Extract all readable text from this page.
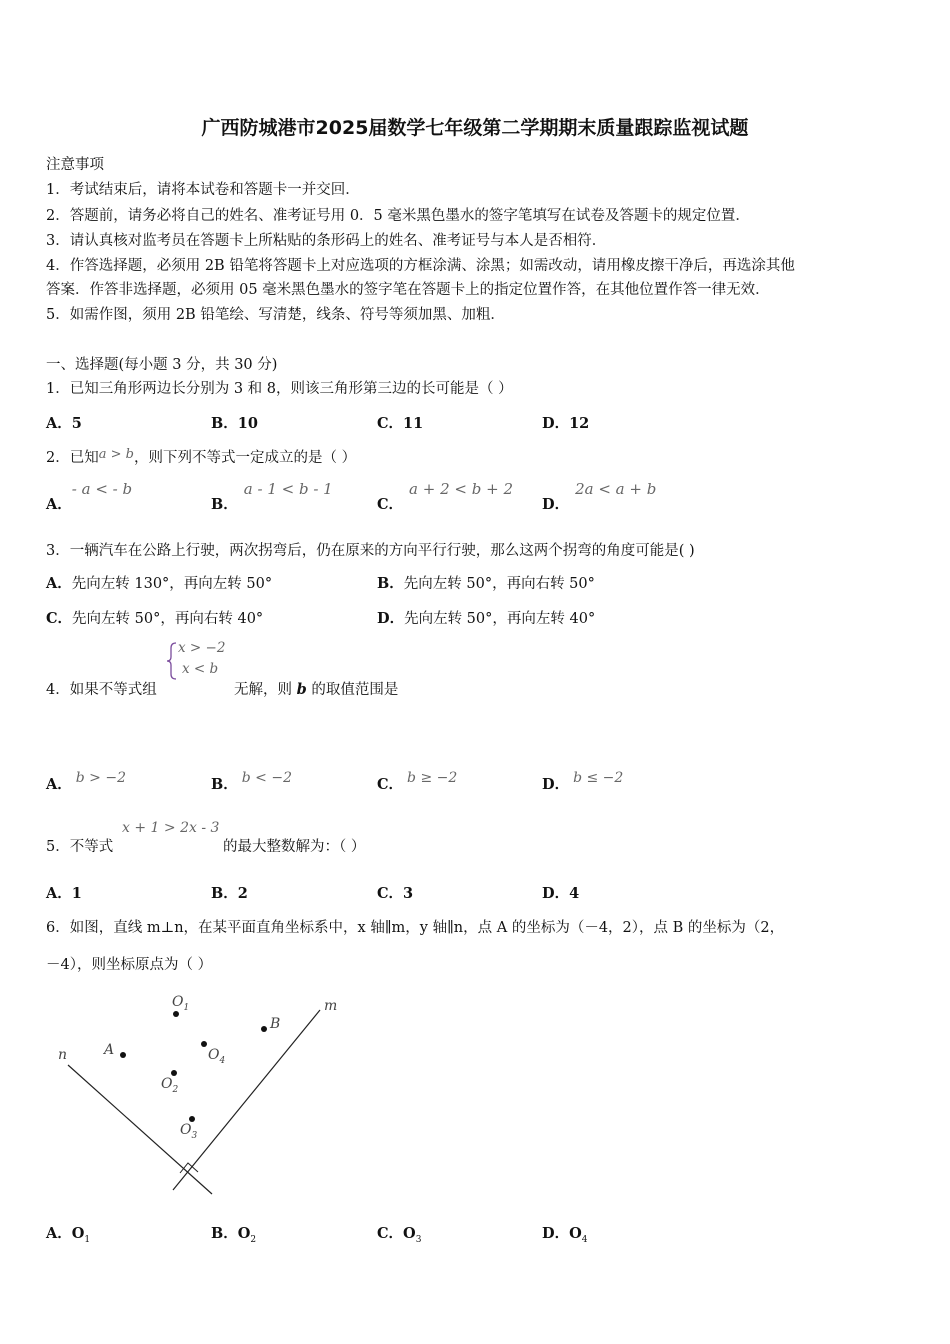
广西防城港市2025届数学七年级第二学期期末质量跟踪监视试题
注意事项
1．考试结束后，请将本试卷和答题卡一并交回．
2．答题前，请务必将自己的姓名、准考证号用 0．5 毫米黑色墨水的签字笔填写在试卷及答题卡的规定位置．
3．请认真核对监考员在答题卡上所粘贴的条形码上的姓名、准考证号与本人是否相符．
4．作答选择题，必须用 2B 铅笔将答题卡上对应选项的方框涂满、涂黑；如需改动，请用橡皮擦干净后，再选涂其他
答案．作答非选择题，必须用 05 毫米黑色墨水的签字笔在答题卡上的指定位置作答，在其他位置作答一律无效．
5．如需作图，须用 2B 铅笔绘、写清楚，线条、符号等须加黑、加粗．
一、选择题(每小题 3 分，共 30 分)
1．已知三角形两边长分别为 3 和 8，则该三角形第三边的长可能是（ ）
A．5	B．10	C．11	D．12
2．已知a > b，则下列不等式一定成立的是（ ）
A．- a < - b
B．a - 1 < b - 1
C．a + 2 < b + 2
D．2a < a + b
3．一辆汽车在公路上行驶，两次拐弯后，仍在原来的方向平行行驶，那么这两个拐弯的角度可能是( )
A．先向左转 130°，再向左转 50°	B．先向左转 50°，再向右转 50°
C．先向左转 50°，再向右转 40°	D．先向左转 50°，再向左转 40°
4．如果不等式组
x > −2
x < b
无解，则 b 的取值范围是
A． b > −2	B． b < −2	C． b ≥ −2	D． b ≤ −2
5．不等式
x + 1 > 2x - 3
的最大整数解为：（ ）
A．1	B．2	C．3	D．4
6．如图，直线 m⊥n，在某平面直角坐标系中，x 轴∥m，y 轴∥n，点 A 的坐标为（－4，2），点 B 的坐标为（2，
－4），则坐标原点为（ ）
m
n
$O_1$
B
A	$O_4$
$O_2$
$O_3$
A．$O_1$	B．$O_2$	C．$O_3$	D．$O_4$
